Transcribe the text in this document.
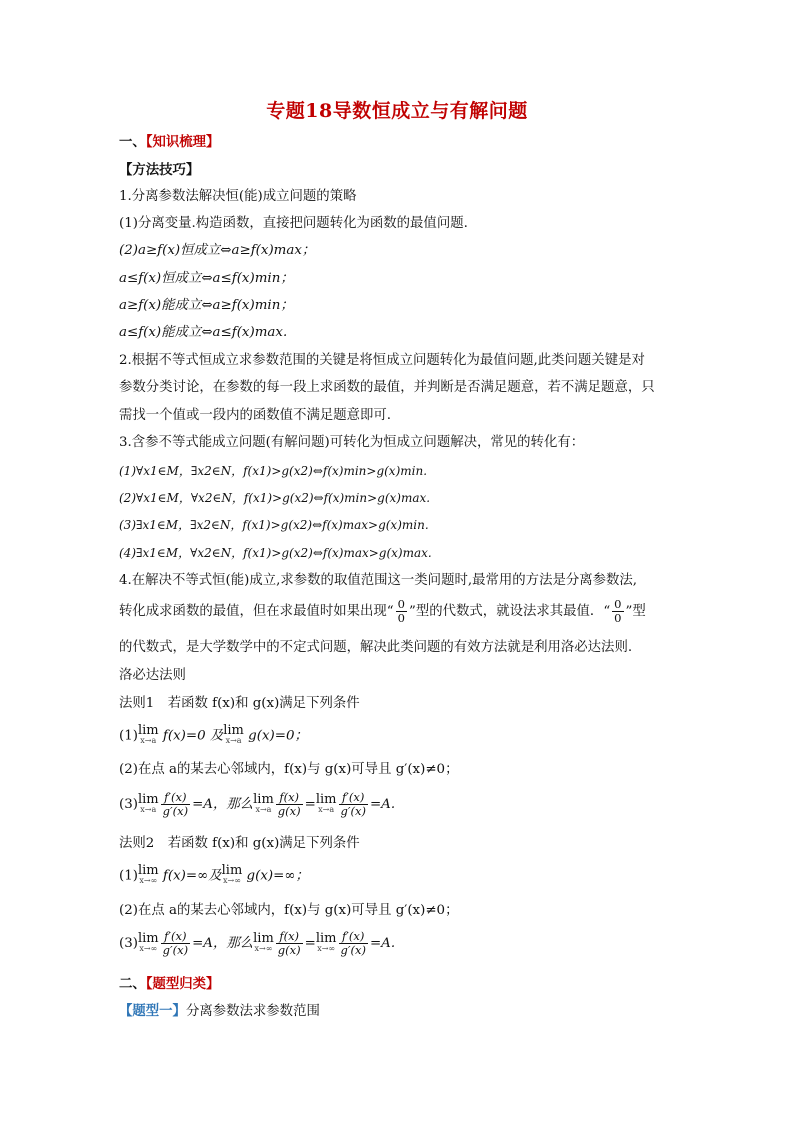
专题18导数恒成立与有解问题
一、【知识梳理】
【方法技巧】
1.分离参数法解决恒(能)成立问题的策略
(1)分离变量.构造函数，直接把问题转化为函数的最值问题.
(2)a≥f(x)恒成立⇔a≥f(x)max；
a≤f(x)恒成立⇔a≤f(x)min；
a≥f(x)能成立⇔a≥f(x)min；
a≤f(x)能成立⇔a≤f(x)max.
2.根据不等式恒成立求参数范围的关键是将恒成立问题转化为最值问题,此类问题关键是对
参数分类讨论，在参数的每一段上求函数的最值，并判断是否满足题意，若不满足题意，只
需找一个值或一段内的函数值不满足题意即可.
3.含参不等式能成立问题(有解问题)可转化为恒成立问题解决，常见的转化有：
(1)∀x1∈M，∃x2∈N，f(x1)>g(x2)⇔f(x)min>g(x)min.
(2)∀x1∈M，∀x2∈N，f(x1)>g(x2)⇔f(x)min>g(x)max.
(3)∃x1∈M，∃x2∈N，f(x1)>g(x2)⇔f(x)max>g(x)min.
(4)∃x1∈M，∀x2∈N，f(x1)>g(x2)⇔f(x)max>g(x)max.
4.在解决不等式恒(能)成立,求参数的取值范围这一类问题时,最常用的方法是分离参数法,
转化成求函数的最值，但在求最值时如果出现“ $\frac{0}{0}$ ”型的代数式，就设法求其最值．“ $\frac{0}{0}$ ”型
的代数式，是大学数学中的不定式问题，解决此类问题的有效方法就是利用洛必达法则.
洛必达法则
法则1　若函数 f(x)和 g(x)满足下列条件
(1) lim
x→a f(x)=0 及 lim
x→a g(x)=0；
(2)在点 a的某去心邻域内，f(x)与 g(x)可导且 g′(x)≠0；
(3) lim
$x\to a \frac{f'(x)}{g'(x)} =A$，那么 lim
$x\to a \frac{f(x)}{g(x)} = \lim$
$x\to a \frac{f'(x)}{g'(x)} =A$.
法则2　若函数 f(x)和 g(x)满足下列条件
(1) lim
x→∞ f(x)=∞及 lim
x→∞ g(x)=∞；
(2)在点 a的某去心邻域内，f(x)与 g(x)可导且 g′(x)≠0；
(3) lim
$x\to\infty \frac{f'(x)}{g'(x)} =A$，那么 lim
$x\to\infty \frac{f(x)}{g(x)} = \lim$
$x\to\infty \frac{f'(x)}{g'(x)} =A$.
二、【题型归类】
【题型一】分离参数法求参数范围
